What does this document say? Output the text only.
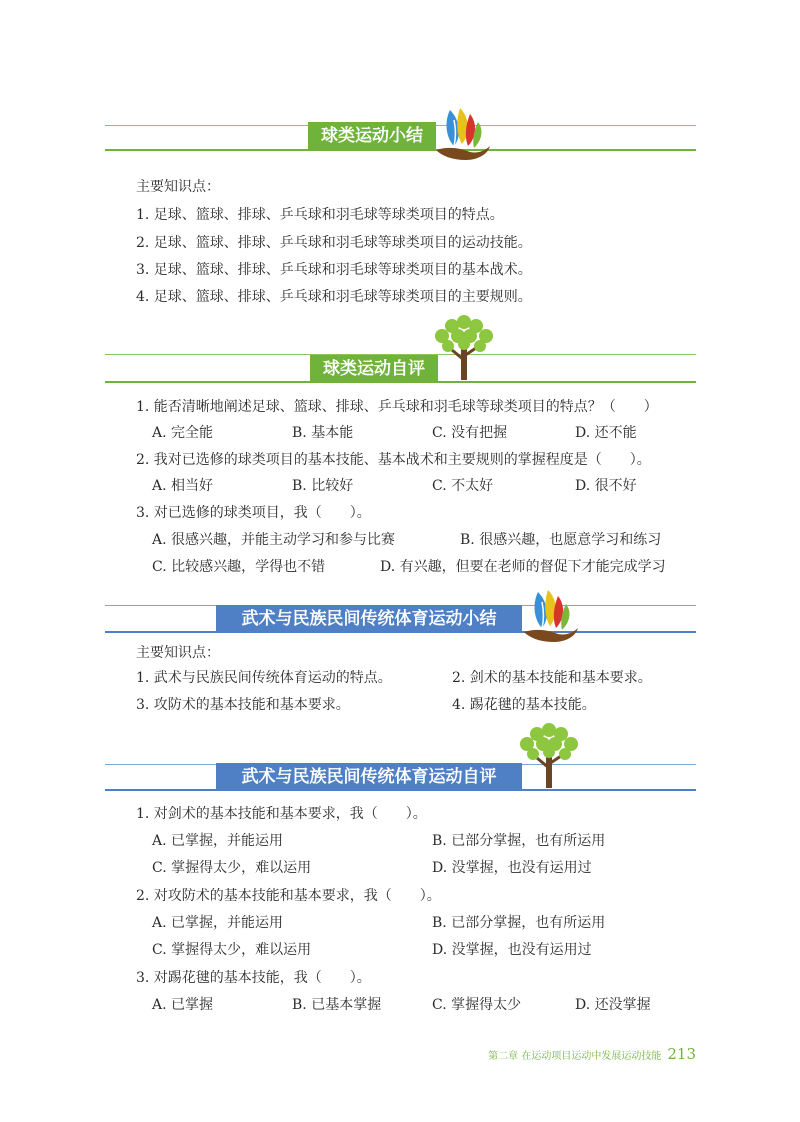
球类运动小结
主要知识点：
1. 足球、篮球、排球、乒乓球和羽毛球等球类项目的特点。
2. 足球、篮球、排球、乒乓球和羽毛球等球类项目的运动技能。
3. 足球、篮球、排球、乒乓球和羽毛球等球类项目的基本战术。
4. 足球、篮球、排球、乒乓球和羽毛球等球类项目的主要规则。
球类运动自评
1. 能否清晰地阐述足球、篮球、排球、乒乓球和羽毛球等球类项目的特点？（　　）
A. 完全能	B. 基本能	C. 没有把握	D. 还不能
2. 我对已选修的球类项目的基本技能、基本战术和主要规则的掌握程度是（　　）。
A. 相当好	B. 比较好	C. 不太好	D. 很不好
3. 对已选修的球类项目，我（　　）。
A. 很感兴趣，并能主动学习和参与比赛	B. 很感兴趣，也愿意学习和练习
C. 比较感兴趣，学得也不错	D. 有兴趣，但要在老师的督促下才能完成学习
武术与民族民间传统体育运动小结
主要知识点：
1. 武术与民族民间传统体育运动的特点。	2. 剑术的基本技能和基本要求。
3. 攻防术的基本技能和基本要求。	4. 踢花毽的基本技能。
武术与民族民间传统体育运动自评
1. 对剑术的基本技能和基本要求，我（　　）。
A. 已掌握，并能运用	B. 已部分掌握，也有所运用
C. 掌握得太少，难以运用	D. 没掌握，也没有运用过
2. 对攻防术的基本技能和基本要求，我（　　）。
A. 已掌握，并能运用	B. 已部分掌握，也有所运用
C. 掌握得太少，难以运用	D. 没掌握，也没有运用过
3. 对踢花毽的基本技能，我（　　）。
A. 已掌握	B. 已基本掌握	C. 掌握得太少	D. 还没掌握
第二章 在运动项目运动中发展运动技能 213
